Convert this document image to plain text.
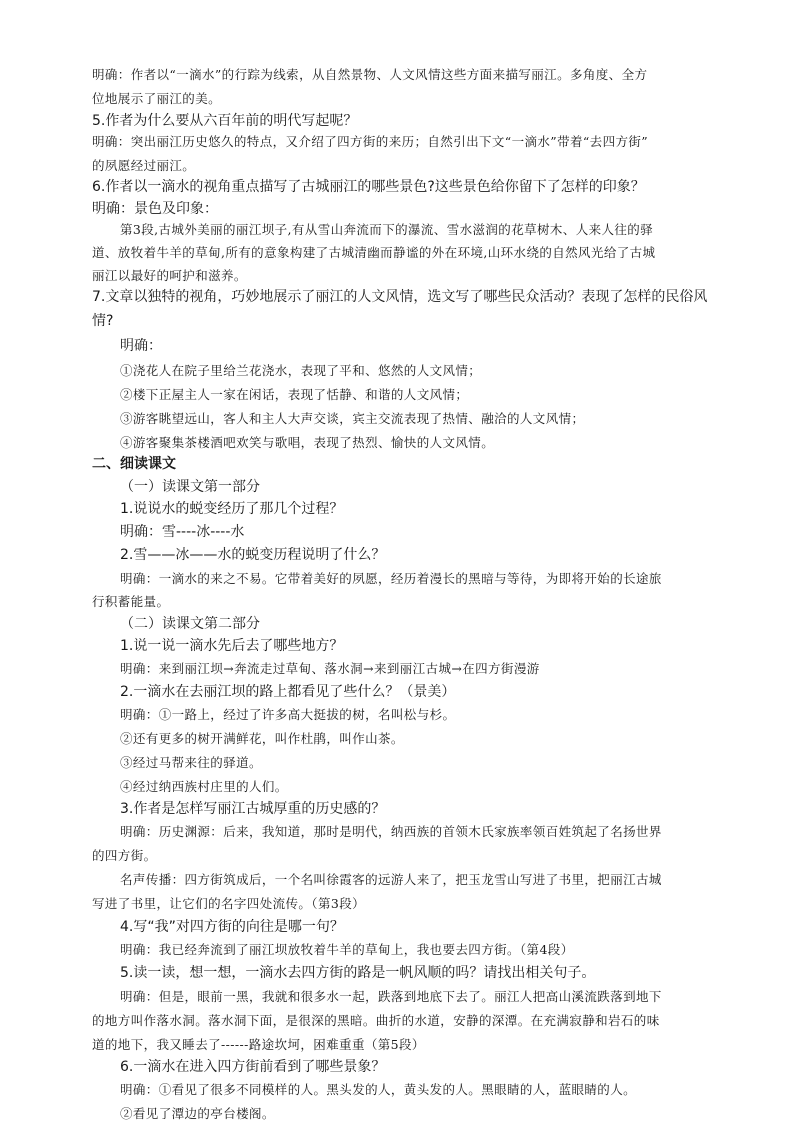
明确：作者以“一滴水”的行踪为线索，从自然景物、人文风情这些方面来描写丽江。多角度、全方
位地展示了丽江的美。
5.作者为什么要从六百年前的明代写起呢？
明确：突出丽江历史悠久的特点，又介绍了四方街的来历；自然引出下文“一滴水”带着“去四方街”
的夙愿经过丽江。
6.作者以一滴水的视角重点描写了古城丽江的哪些景色?这些景色给你留下了怎样的印象？
明确：景色及印象：
第3段,古城外美丽的丽江坝子,有从雪山奔流而下的瀑流、雪水滋润的花草树木、人来人往的驿
道、放牧着牛羊的草甸,所有的意象构建了古城清幽而静谧的外在环境,山环水绕的自然风光给了古城
丽江以最好的呵护和滋养。
7.文章以独特的视角，巧妙地展示了丽江的人文风情，选文写了哪些民众活动？表现了怎样的民俗风
情?
明确：
①浇花人在院子里给兰花浇水，表现了平和、悠然的人文风情；
②楼下正屋主人一家在闲话，表现了恬静、和谐的人文风情；
③游客眺望远山，客人和主人大声交谈，宾主交流表现了热情、融洽的人文风情；
④游客聚集茶楼酒吧欢笑与歌唱，表现了热烈、愉快的人文风情。
二、细读课文
（一）读课文第一部分
1.说说水的蜕变经历了那几个过程？
明确：雪----冰----水
2.雪——冰——水的蜕变历程说明了什么？
明确：一滴水的来之不易。它带着美好的夙愿，经历着漫长的黑暗与等待，为即将开始的长途旅
行积蓄能量。
（二）读课文第二部分
1.说一说一滴水先后去了哪些地方？
明确：来到丽江坝→奔流走过草甸、落水洞→来到丽江古城→在四方街漫游
2.一滴水在去丽江坝的路上都看见了些什么？（景美）
明确：①一路上，经过了许多高大挺拔的树，名叫松与杉。
②还有更多的树开满鲜花，叫作杜鹃，叫作山茶。
③经过马帮来往的驿道。
④经过纳西族村庄里的人们。
3.作者是怎样写丽江古城厚重的历史感的？
明确：历史渊源：后来，我知道，那时是明代，纳西族的首领木氏家族率领百姓筑起了名扬世界
的四方街。
名声传播：四方街筑成后，一个名叫徐霞客的远游人来了，把玉龙雪山写进了书里，把丽江古城
写进了书里，让它们的名字四处流传。（第3段）
4.写“我”对四方街的向往是哪一句？
明确：我已经奔流到了丽江坝放牧着牛羊的草甸上，我也要去四方街。（第4段）
5.读一读，想一想，一滴水去四方街的路是一帆风顺的吗？请找出相关句子。
明确：但是，眼前一黑，我就和很多水一起，跌落到地底下去了。丽江人把高山溪流跌落到地下
的地方叫作落水洞。落水洞下面，是很深的黑暗。曲折的水道，安静的深潭。在充满寂静和岩石的味
道的地下，我又睡去了------路途坎坷，困难重重（第5段）
6.一滴水在进入四方街前看到了哪些景象？
明确：①看见了很多不同模样的人。黑头发的人，黄头发的人。黑眼睛的人，蓝眼睛的人。
②看见了潭边的亭台楼阁。
